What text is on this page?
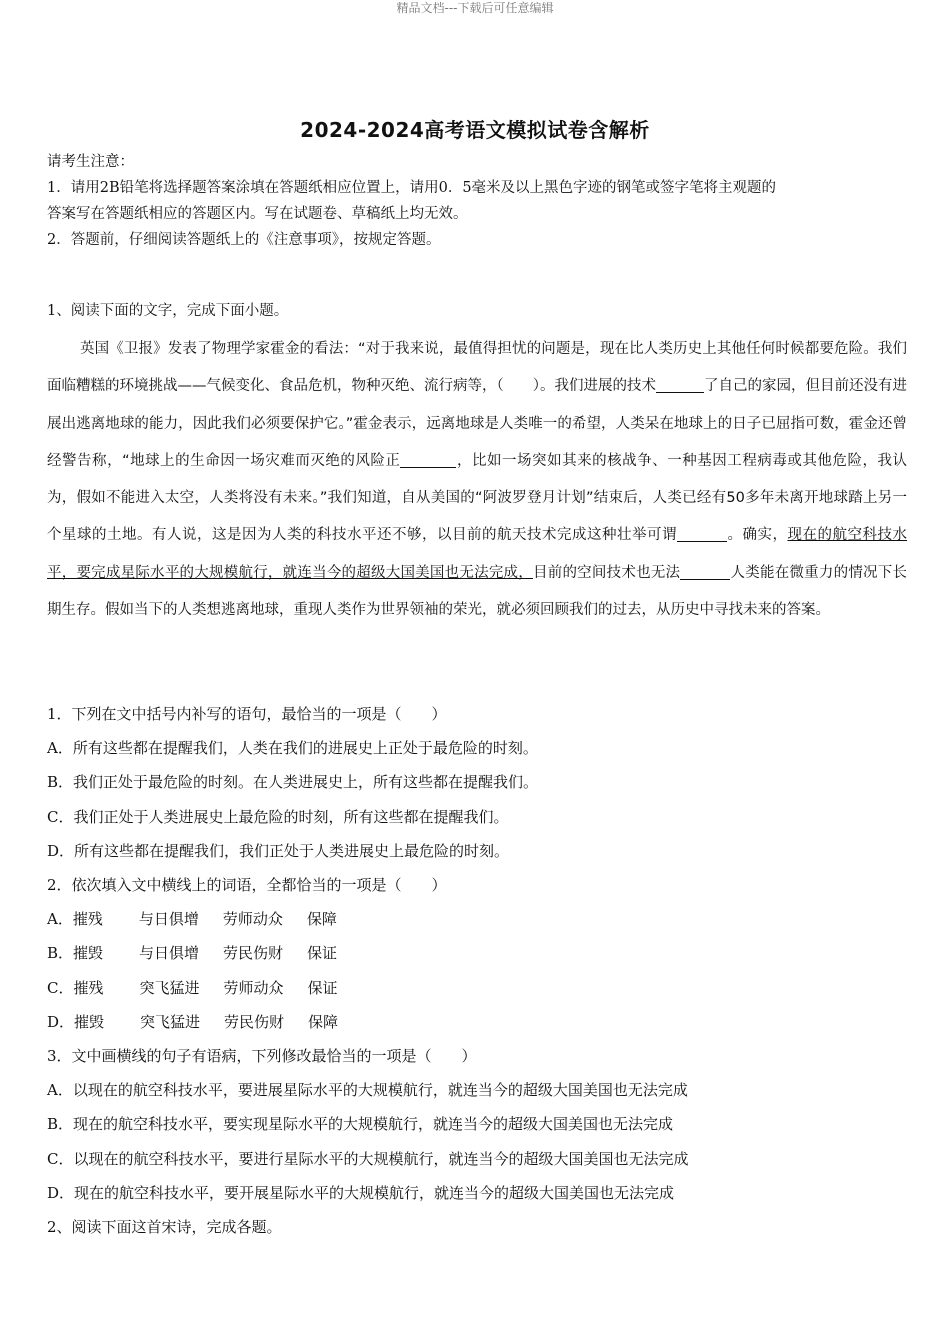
精品文档---下载后可任意编辑
2024-2024高考语文模拟试卷含解析
请考生注意：
1．请用2B铅笔将选择题答案涂填在答题纸相应位置上，请用0．5毫米及以上黑色字迹的钢笔或签字笔将主观题的
答案写在答题纸相应的答题区内。写在试题卷、草稿纸上均无效。
2．答题前，仔细阅读答题纸上的《注意事项》，按规定答题。
1、阅读下面的文字，完成下面小题。

英国《卫报》发表了物理学家霍金的看法：“对于我来说，最值得担忧的问题是，现在比人类历史上其他任何时候都要危险。我们面临糟糕的环境挑战——气候变化、食品危机，物种灭绝、流行病等，（　　）。我们进展的技术	了自己的家园，但目前还没有进展出逃离地球的能力，因此我们必须要保护它。”霍金表示，远离地球是人类唯一的希望，人类呆在地球上的日子已屈指可数，霍金还曾经警告称，“地球上的生命因一场灾难而灭绝的风险正	，比如一场突如其来的核战争、一种基因工程病毒或其他危险，我认为，假如不能进入太空，人类将没有未来。”我们知道，自从美国的“阿波罗登月计划”结束后，人类已经有50多年未离开地球踏上另一个星球的土地。有人说，这是因为人类的科技水平还不够，以目前的航天技术完成这种壮举可谓	。确实，现在的航空科技水平，要完成星际水平的大规模航行，就连当今的超级大国美国也无法完成，目前的空间技术也无法	人类能在微重力的情况下长期生存。假如当下的人类想逃离地球，重现人类作为世界领袖的荣光，就必须回顾我们的过去，从历史中寻找未来的答案。

1．下列在文中括号内补写的语句，最恰当的一项是（　　）
A．所有这些都在提醒我们，人类在我们的进展史上正处于最危险的时刻。
B．我们正处于最危险的时刻。在人类进展史上，所有这些都在提醒我们。
C．我们正处于人类进展史上最危险的时刻，所有这些都在提醒我们。
D．所有这些都在提醒我们，我们正处于人类进展史上最危险的时刻。
2．依次填入文中横线上的词语，全都恰当的一项是（　　）
A．摧残 与日俱增 劳师动众 保障
B．摧毁 与日俱增 劳民伤财 保证
C．摧残 突飞猛进 劳师动众 保证
D．摧毁 突飞猛进 劳民伤财 保障
3．文中画横线的句子有语病，下列修改最恰当的一项是（　　）
A．以现在的航空科技水平，要进展星际水平的大规模航行，就连当今的超级大国美国也无法完成
B．现在的航空科技水平，要实现星际水平的大规模航行，就连当今的超级大国美国也无法完成
C．以现在的航空科技水平，要进行星际水平的大规模航行，就连当今的超级大国美国也无法完成
D．现在的航空科技水平，要开展星际水平的大规模航行，就连当今的超级大国美国也无法完成
2、阅读下面这首宋诗，完成各题。
